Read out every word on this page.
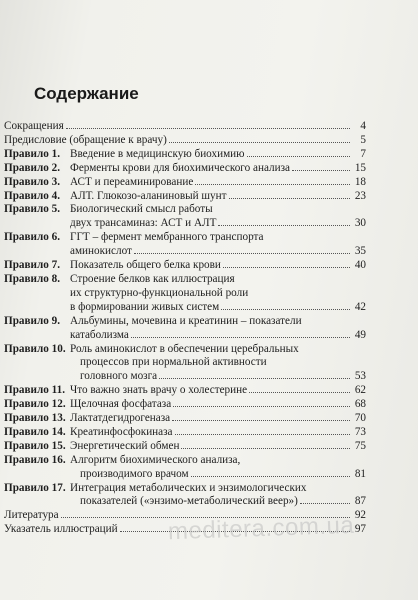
Содержание
Сокращения	4
Предисловие (обращение к врачу)	5
Правило 1. Введение в медицинскую биохимию	7
Правило 2. Ферменты крови для биохимического анализа	15
Правило 3. АСТ и переаминирование	18
Правило 4. АЛТ. Глюкозо-аланиновый шунт	23
Правило 5. Биологический смысл работы
двух трансаминаз: АСТ и АЛТ	30
Правило 6. ГГТ – фермент мембранного транспорта
аминокислот	35
Правило 7. Показатель общего белка крови	40
Правило 8. Строение белков как иллюстрация
их структурно-функциональной роли
в формировании живых систем	42
Правило 9. Альбумины, мочевина и креатинин – показатели
катаболизма	49
Правило 10. Роль аминокислот в обеспечении церебральных
процессов при нормальной активности
головного мозга	53
Правило 11. Что важно знать врачу о холестерине	62
Правило 12. Щелочная фосфатаза	68
Правило 13. Лактатдегидрогеназа	70
Правило 14. Креатинфосфокиназа	73
Правило 15. Энергетический обмен	75
Правило 16. Алгоритм биохимического анализа,
производимого врачом	81
Правило 17. Интеграция метаболических и энзимологических
показателей («энзимо-метаболический веер»)	87
Литература	92
Указатель иллюстраций	97
meditera.com.ua
